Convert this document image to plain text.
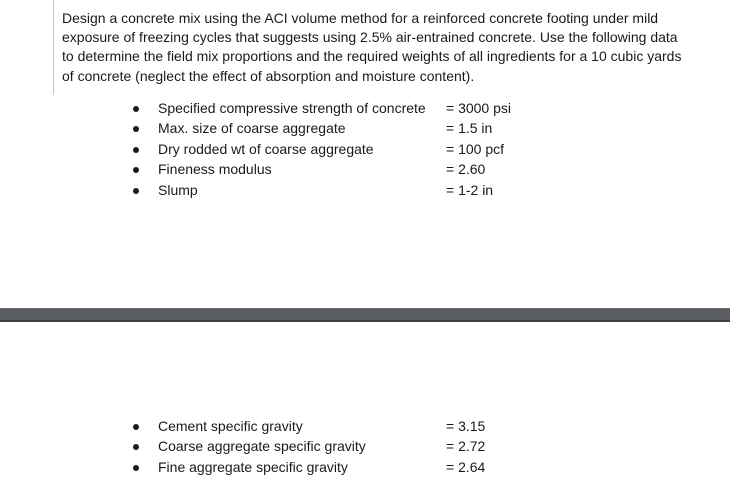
Design a concrete mix using the ACI volume method for a reinforced concrete footing under mild
exposure of freezing cycles that suggests using 2.5% air-entrained concrete. Use the following data
to determine the field mix proportions and the required weights of all ingredients for a 10 cubic yards
of concrete (neglect the effect of absorption and moisture content).

Specified compressive strength of concrete = 3000 psi
Max. size of coarse aggregate	= 1.5 in
Dry rodded wt of coarse aggregate	= 100 pcf
Fineness modulus	= 2.60
Slump	= 1-2 in
Cement specific gravity	= 3.15
Coarse aggregate specific gravity	= 2.72
Fine aggregate specific gravity	= 2.64
